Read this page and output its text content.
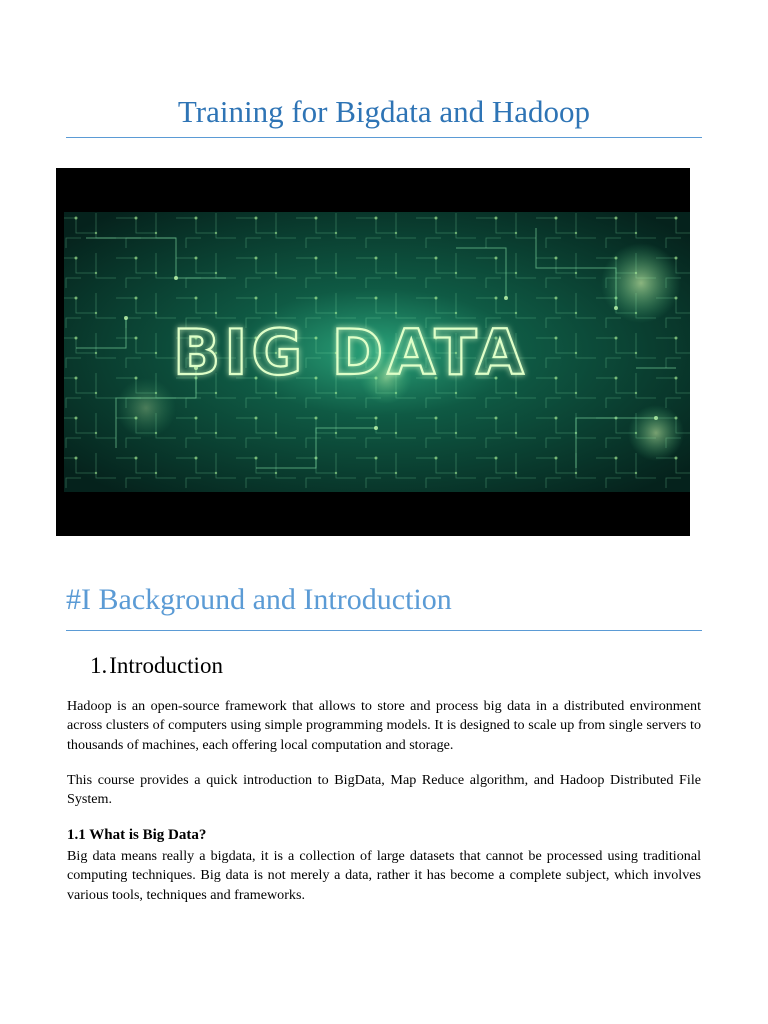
Training for Bigdata and Hadoop
BIG DATA
#I Background and Introduction
1.Introduction

Hadoop is an open-source framework that allows to store and process big data in a distributed environment across clusters of computers using simple programming models. It is designed to scale up from single servers to thousands of machines, each offering local computation and storage.

This course provides a quick introduction to BigData, Map Reduce algorithm, and Hadoop Distributed File System.

1.1 What is Big Data?

Big data means really a bigdata, it is a collection of large datasets that cannot be processed using traditional computing techniques. Big data is not merely a data, rather it has become a complete subject, which involves various tools, techniques and frameworks.
